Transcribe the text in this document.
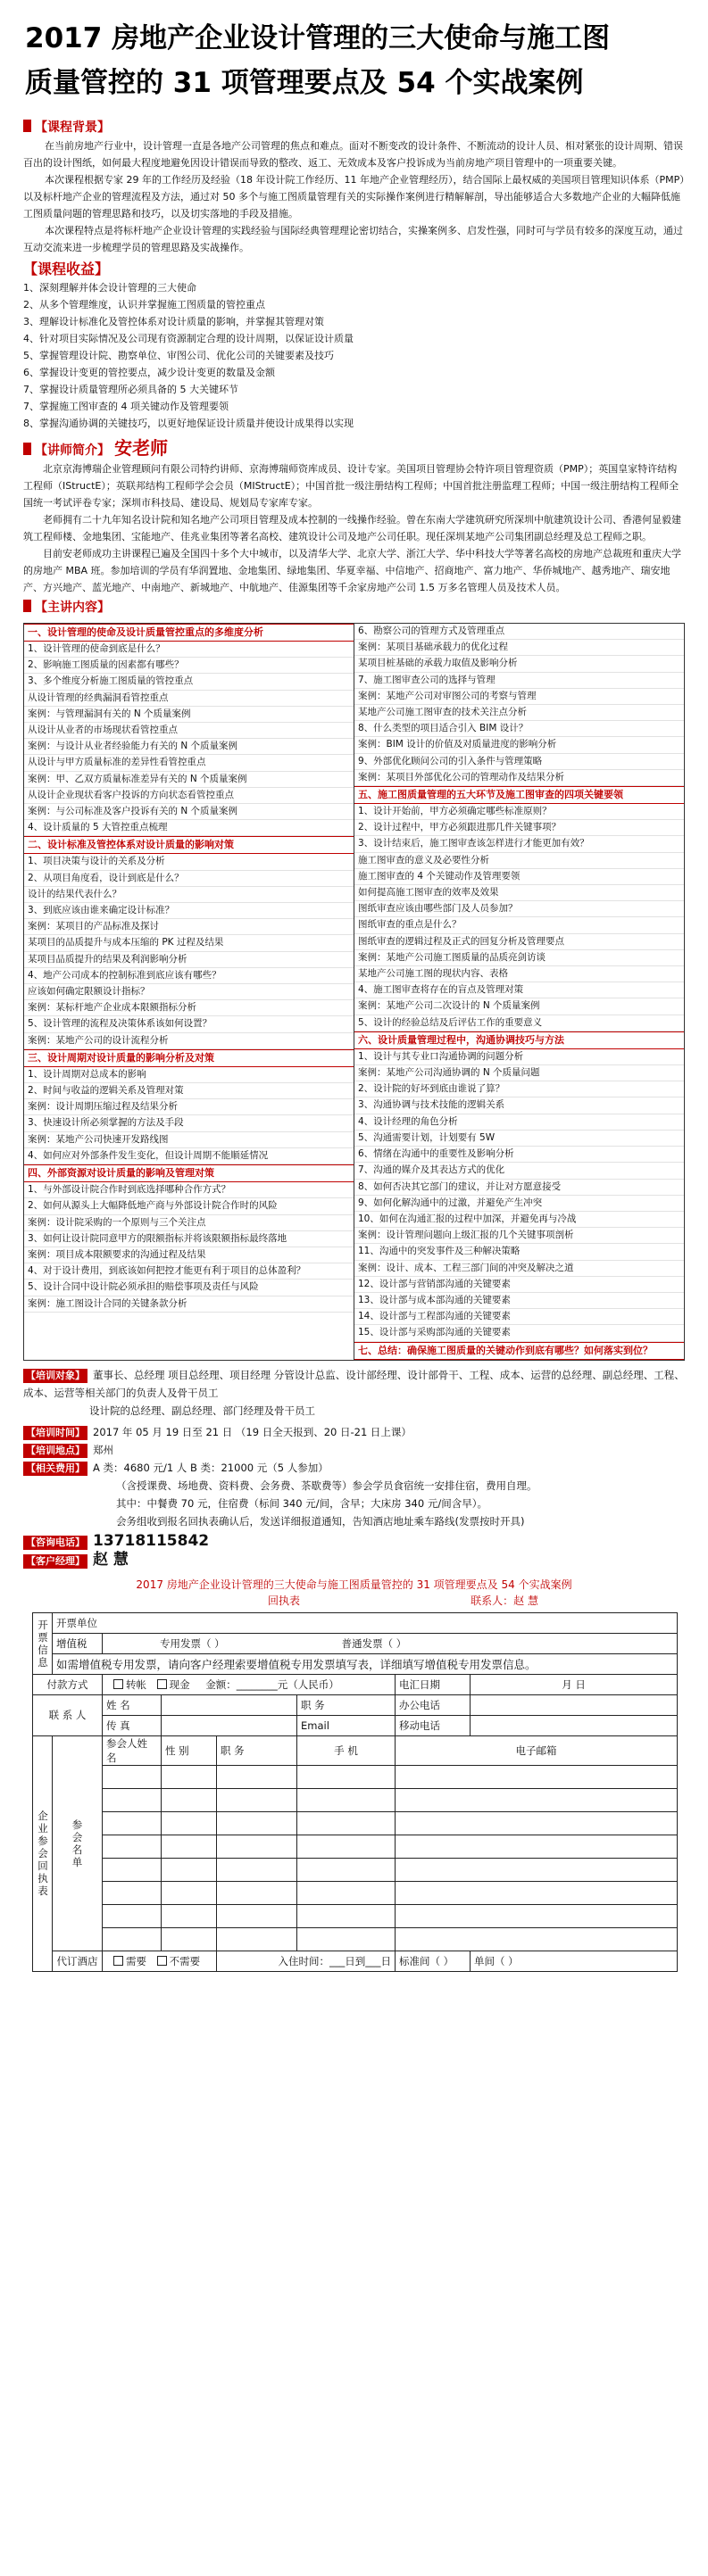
2017 房地产企业设计管理的三大使命与施工图
质量管控的 31 项管理要点及 54 个实战案例
【课程背景】

在当前房地产行业中，设计管理一直是各地产公司管理的焦点和难点。面对不断变改的设计条件、不断流动的设计人员、相对紧张的设计周期、错误百出的设计图纸，如何最大程度地避免因设计错误而导致的整改、返工、无效成本及客户投诉成为当前房地产项目管理中的一项重要关键。

本次课程根据专家 29 年的工作经历及经验（18 年设计院工作经历、11 年地产企业管理经历），结合国际上最权威的美国项目管理知识体系（PMP）以及标杆地产企业的管理流程及方法，通过对 50 多个与施工图质量管理有关的实际操作案例进行精解解剖，导出能够适合大多数地产企业的大幅降低施工图质量问题的管理思路和技巧，以及切实落地的手段及措施。

本次课程特点是将标杆地产企业设计管理的实践经验与国际经典管理理论密切结合，实操案例多、启发性强，同时可与学员有较多的深度互动，通过互动交流来进一步梳理学员的管理思路及实战操作。

【课程收益】
1、深刻理解并体会设计管理的三大使命
2、从多个管理维度，认识并掌握施工图质量的管控重点
3、理解设计标准化及管控体系对设计质量的影响，并掌握其管理对策
4、针对项目实际情况及公司现有资源制定合理的设计周期，以保证设计质量
5、掌握管理设计院、勘察单位、审图公司、优化公司的关键要素及技巧
6、掌握设计变更的管控要点，减少设计变更的数量及金额
7、掌握设计质量管理所必须具备的 5 大关键环节
7、掌握施工图审查的 4 项关键动作及管理要领
8、掌握沟通协调的关键技巧，以更好地保证设计质量并使设计成果得以实现
【讲师简介】 安老师

北京京海博瑞企业管理顾问有限公司特约讲师、京海博瑞师资库成员、设计专家。美国项目管理协会特许项目管理资质（PMP）；英国皇家特许结构工程师（IStructE）；英联邦结构工程师学会会员（MIStructE）；中国首批一级注册结构工程师；中国首批注册监理工程师；中国一级注册结构工程师全国统一考试评卷专家；深圳市科技局、建设局、规划局专家库专家。

老师拥有二十九年知名设计院和知名地产公司项目管理及成本控制的一线操作经验。曾在东南大学建筑研究所深圳中航建筑设计公司、香港何显毅建筑工程师楼、金地集团、宝能地产、佳兆业集团等著名高校、建筑设计公司及地产公司任职。现任深圳某地产公司集团副总经理及总工程师之职。

目前安老师成功主讲课程已遍及全国四十多个大中城市，以及清华大学、北京大学、浙江大学、华中科技大学等著名高校的房地产总裁班和重庆大学的房地产 MBA 班。参加培训的学员有华润置地、金地集团、绿地集团、华夏幸福、中信地产、招商地产、富力地产、华侨城地产、越秀地产、瑞安地产、方兴地产、蓝光地产、中南地产、新城地产、中航地产、佳源集团等千余家房地产公司 1.5 万多名管理人员及技术人员。

【主讲内容】
一、设计管理的使命及设计质量管控重点的多维度分析
1、设计管理的使命到底是什么？
2、影响施工图质量的因素都有哪些？
3、多个维度分析施工图质量的管控重点
从设计管理的经典漏洞看管控重点
案例：与管理漏洞有关的 N 个质量案例
从设计从业者的市场现状看管控重点
案例：与设计从业者经验能力有关的 N 个质量案例
从设计与甲方质量标准的差异性看管控重点
案例：甲、乙双方质量标准差异有关的 N 个质量案例
从设计企业现状看客户投诉的方向状态看管控重点
案例：与公司标准及客户投诉有关的 N 个质量案例
4、设计质量的 5 大管控重点梳理
二、设计标准及管控体系对设计质量的影响对策
1、项目决策与设计的关系及分析
2、从项目角度看，设计到底是什么？
设计的结果代表什么？
3、到底应该由谁来确定设计标准？
案例：某项目的产品标准及探讨
某项目的品质提升与成本压缩的 PK 过程及结果
某项目品质提升的结果及利润影响分析
4、地产公司成本的控制标准到底应该有哪些？
应该如何确定限额设计指标？
案例：某标杆地产企业成本限额指标分析
5、设计管理的流程及决策体系该如何设置？
案例：某地产公司的设计流程分析
三、设计周期对设计质量的影响分析及对策
1、设计周期对总成本的影响
2、时间与收益的逻辑关系及管理对策
案例：设计周期压缩过程及结果分析
3、快速设计所必须掌握的方法及手段
案例：某地产公司快速开发路线图
4、如何应对外部条件发生变化，但设计周期不能顺延情况
四、外部资源对设计质量的影响及管理对策
1、与外部设计院合作时到底选择哪种合作方式？
2、如何从源头上大幅降低地产商与外部设计院合作时的风险
案例：设计院采购的一个原则与三个关注点
3、如何让设计院同意甲方的限额指标并将该限额指标最终落地
案例：项目成本限额要求的沟通过程及结果
4、对于设计费用，到底该如何把控才能更有利于项目的总体盈利？
5、设计合同中设计院必须承担的赔偿事项及责任与风险
案例：施工图设计合同的关键条款分析
6、勘察公司的管理方式及管理重点
案例：某项目基础承载力的优化过程
某项目桩基础的承载力取值及影响分析
7、施工图审查公司的选择与管理
案例：某地产公司对审图公司的考察与管理
某地产公司施工图审查的技术关注点分析
8、什么类型的项目适合引入 BIM 设计？
案例：BIM 设计的价值及对质量进度的影响分析
9、外部优化顾问公司的引入条件与管理策略
案例：某项目外部优化公司的管理动作及结果分析
五、施工图质量管理的五大环节及施工图审查的四项关键要领
1、设计开始前，甲方必须确定哪些标准原则？
2、设计过程中，甲方必须跟进那几件关键事项？
3、设计结束后，施工图审查该怎样进行才能更加有效？
施工图审查的意义及必要性分析
施工图审查的 4 个关键动作及管理要领
如何提高施工图审查的效率及效果
图纸审查应该由哪些部门及人员参加？
图纸审查的重点是什么？
图纸审查的逻辑过程及正式的回复分析及管理要点
案例：某地产公司施工图质量的品质亮剑访谈
某地产公司施工图的现状内容、表格
4、施工图审查将存在的盲点及管理对策
案例：某地产公司二次设计的 N 个质量案例
5、设计的经验总结及后评估工作的重要意义
六、设计质量管理过程中，沟通协调技巧与方法
1、设计与其专业口沟通协调的问题分析
案例：某地产公司沟通协调的 N 个质量问题
2、设计院的好坏到底由谁说了算？
3、沟通协调与技术技能的逻辑关系
4、设计经理的角色分析
5、沟通需要计划，计划要有 5W
6、情绪在沟通中的重要性及影响分析
7、沟通的媒介及其表达方式的优化
8、如何否决其它部门的建议，并让对方愿意接受
9、如何化解沟通中的过激，并避免产生冲突
10、如何在沟通汇报的过程中加深，并避免再与冷战
案例：设计管理问题向上级汇报的几个关键事项剖析
11、沟通中的突发事件及三种解决策略
案例：设计、成本、工程三部门间的冲突及解决之道
12、设计部与营销部沟通的关键要素
13、设计部与成本部沟通的关键要素
14、设计部与工程部沟通的关键要素
15、设计部与采购部沟通的关键要素
七、总结：确保施工图质量的关键动作到底有哪些？如何落实到位？
【培训对象】 董事长、总经理 项目总经理、项目经理 分管设计总监、设计部经理、设计部骨干、工程、成本、运营的总经理、副总经理、工程、成本、运营等相关部门的负责人及骨干员工
设计院的总经理、副总经理、部门经理及骨干员工
【培训时间】 2017 年 05 月 19 日至 21 日 （19 日全天报到、20 日-21 日上课）
【培训地点】 郑州
【相关费用】 A 类：4680 元/1 人 B 类：21000 元（5 人参加）
（含授课费、场地费、资料费、会务费、茶歇费等）参会学员食宿统一安排住宿，费用自理。
其中：中餐费 70 元，住宿费（标间 340 元/间，含早；大床房 340 元/间含早）。
会务组收到报名回执表确认后，发送详细报道通知，告知酒店地址乘车路线(发票按时开具)
【咨询电话】 13718115842
【客户经理】 赵 慧
2017 房地产企业设计管理的三大使命与施工图质量管控的 31 项管理要点及 54 个实战案例
回执表	联系人：赵 慧
开票信息	开票单位						
	增值税	专用发票（ ） 普通发票（ ）					
	如需增值税专用发票，请向客户经理索要增值税专用发票填写表，详细填写增值税专用发票信息。						
付款方式		转帐 现金 金额：________元（人民币）				电汇日期	月 日
联 系 人		姓 名			职 务	办公电话	
		传 真			Email	移动电话	

企业参会回执表	参会名单	参会人姓名	性 别	职 务	手 机	电子邮箱	

	代订酒店	需要 不需要		入住时间：___日到___日		标准间（ ）	单间（ ）
